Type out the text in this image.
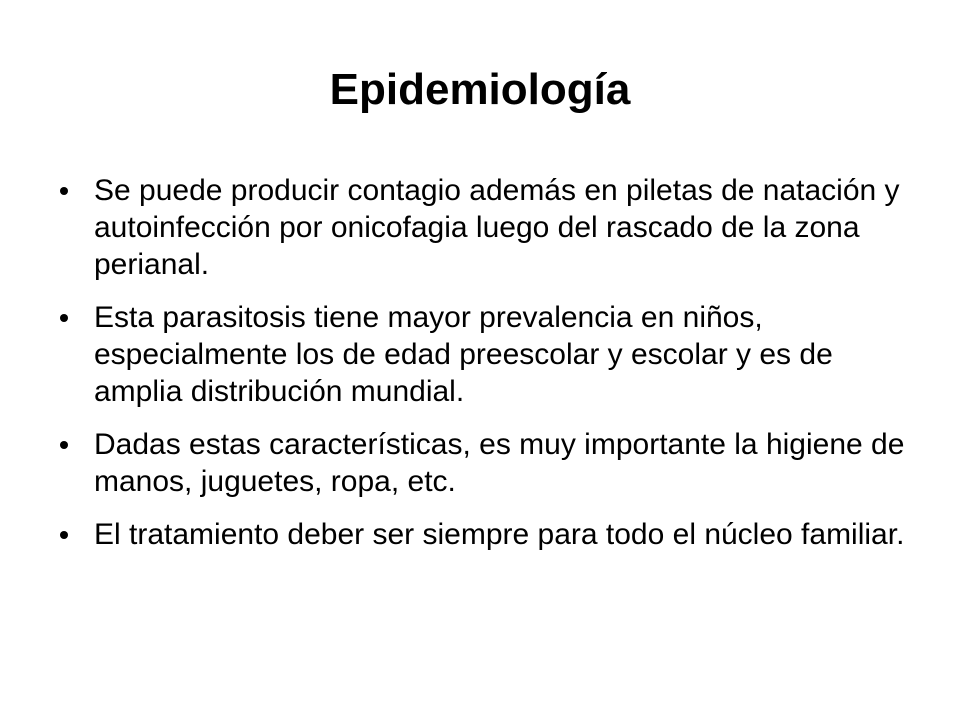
Epidemiología
Se puede producir contagio además en piletas de natación y autoinfección por onicofagia luego del rascado de la zona perianal.
Esta parasitosis tiene mayor prevalencia en niños, especialmente los de edad preescolar y escolar y es de amplia distribución mundial.
Dadas estas características, es muy importante la higiene de manos, juguetes, ropa, etc.
El tratamiento deber ser siempre para todo el núcleo familiar.
